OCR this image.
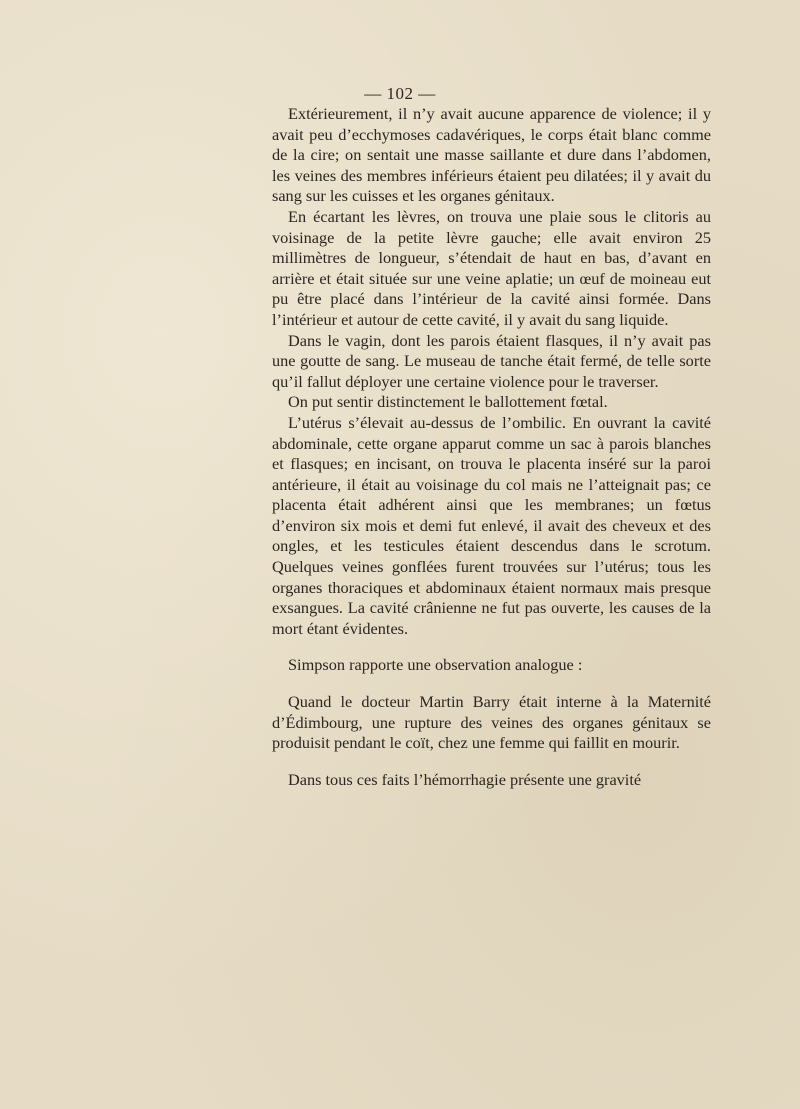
— 102 —

Extérieurement, il n’y avait aucune apparence de violence; il y avait peu d’ecchymoses cadavériques, le corps était blanc comme de la cire; on sentait une masse saillante et dure dans l’abdomen, les veines des membres inférieurs étaient peu dilatées; il y avait du sang sur les cuisses et les organes génitaux.

En écartant les lèvres, on trouva une plaie sous le clitoris au voisinage de la petite lèvre gauche; elle avait environ 25 millimètres de longueur, s’étendait de haut en bas, d’avant en arrière et était située sur une veine aplatie; un œuf de moineau eut pu être placé dans l’intérieur de la cavité ainsi formée. Dans l’intérieur et autour de cette cavité, il y avait du sang liquide.

Dans le vagin, dont les parois étaient flasques, il n’y avait pas une goutte de sang. Le museau de tanche était fermé, de telle sorte qu’il fallut déployer une certaine violence pour le traverser.

On put sentir distinctement le ballottement fœtal.

L’utérus s’élevait au-dessus de l’ombilic. En ouvrant la cavité abdominale, cette organe apparut comme un sac à parois blanches et flasques; en incisant, on trouva le placenta inséré sur la paroi antérieure, il était au voisinage du col mais ne l’atteignait pas; ce placenta était adhérent ainsi que les membranes; un fœtus d’environ six mois et demi fut enlevé, il avait des cheveux et des ongles, et les testicules étaient descendus dans le scrotum. Quelques veines gonflées furent trouvées sur l’utérus; tous les organes thoraciques et abdominaux étaient normaux mais presque exsangues. La cavité crânienne ne fut pas ouverte, les causes de la mort étant évidentes.

Simpson rapporte une observation analogue :

Quand le docteur Martin Barry était interne à la Maternité d’Édimbourg, une rupture des veines des organes génitaux se produisit pendant le coït, chez une femme qui faillit en mourir.

Dans tous ces faits l’hémorrhagie présente une gravité
